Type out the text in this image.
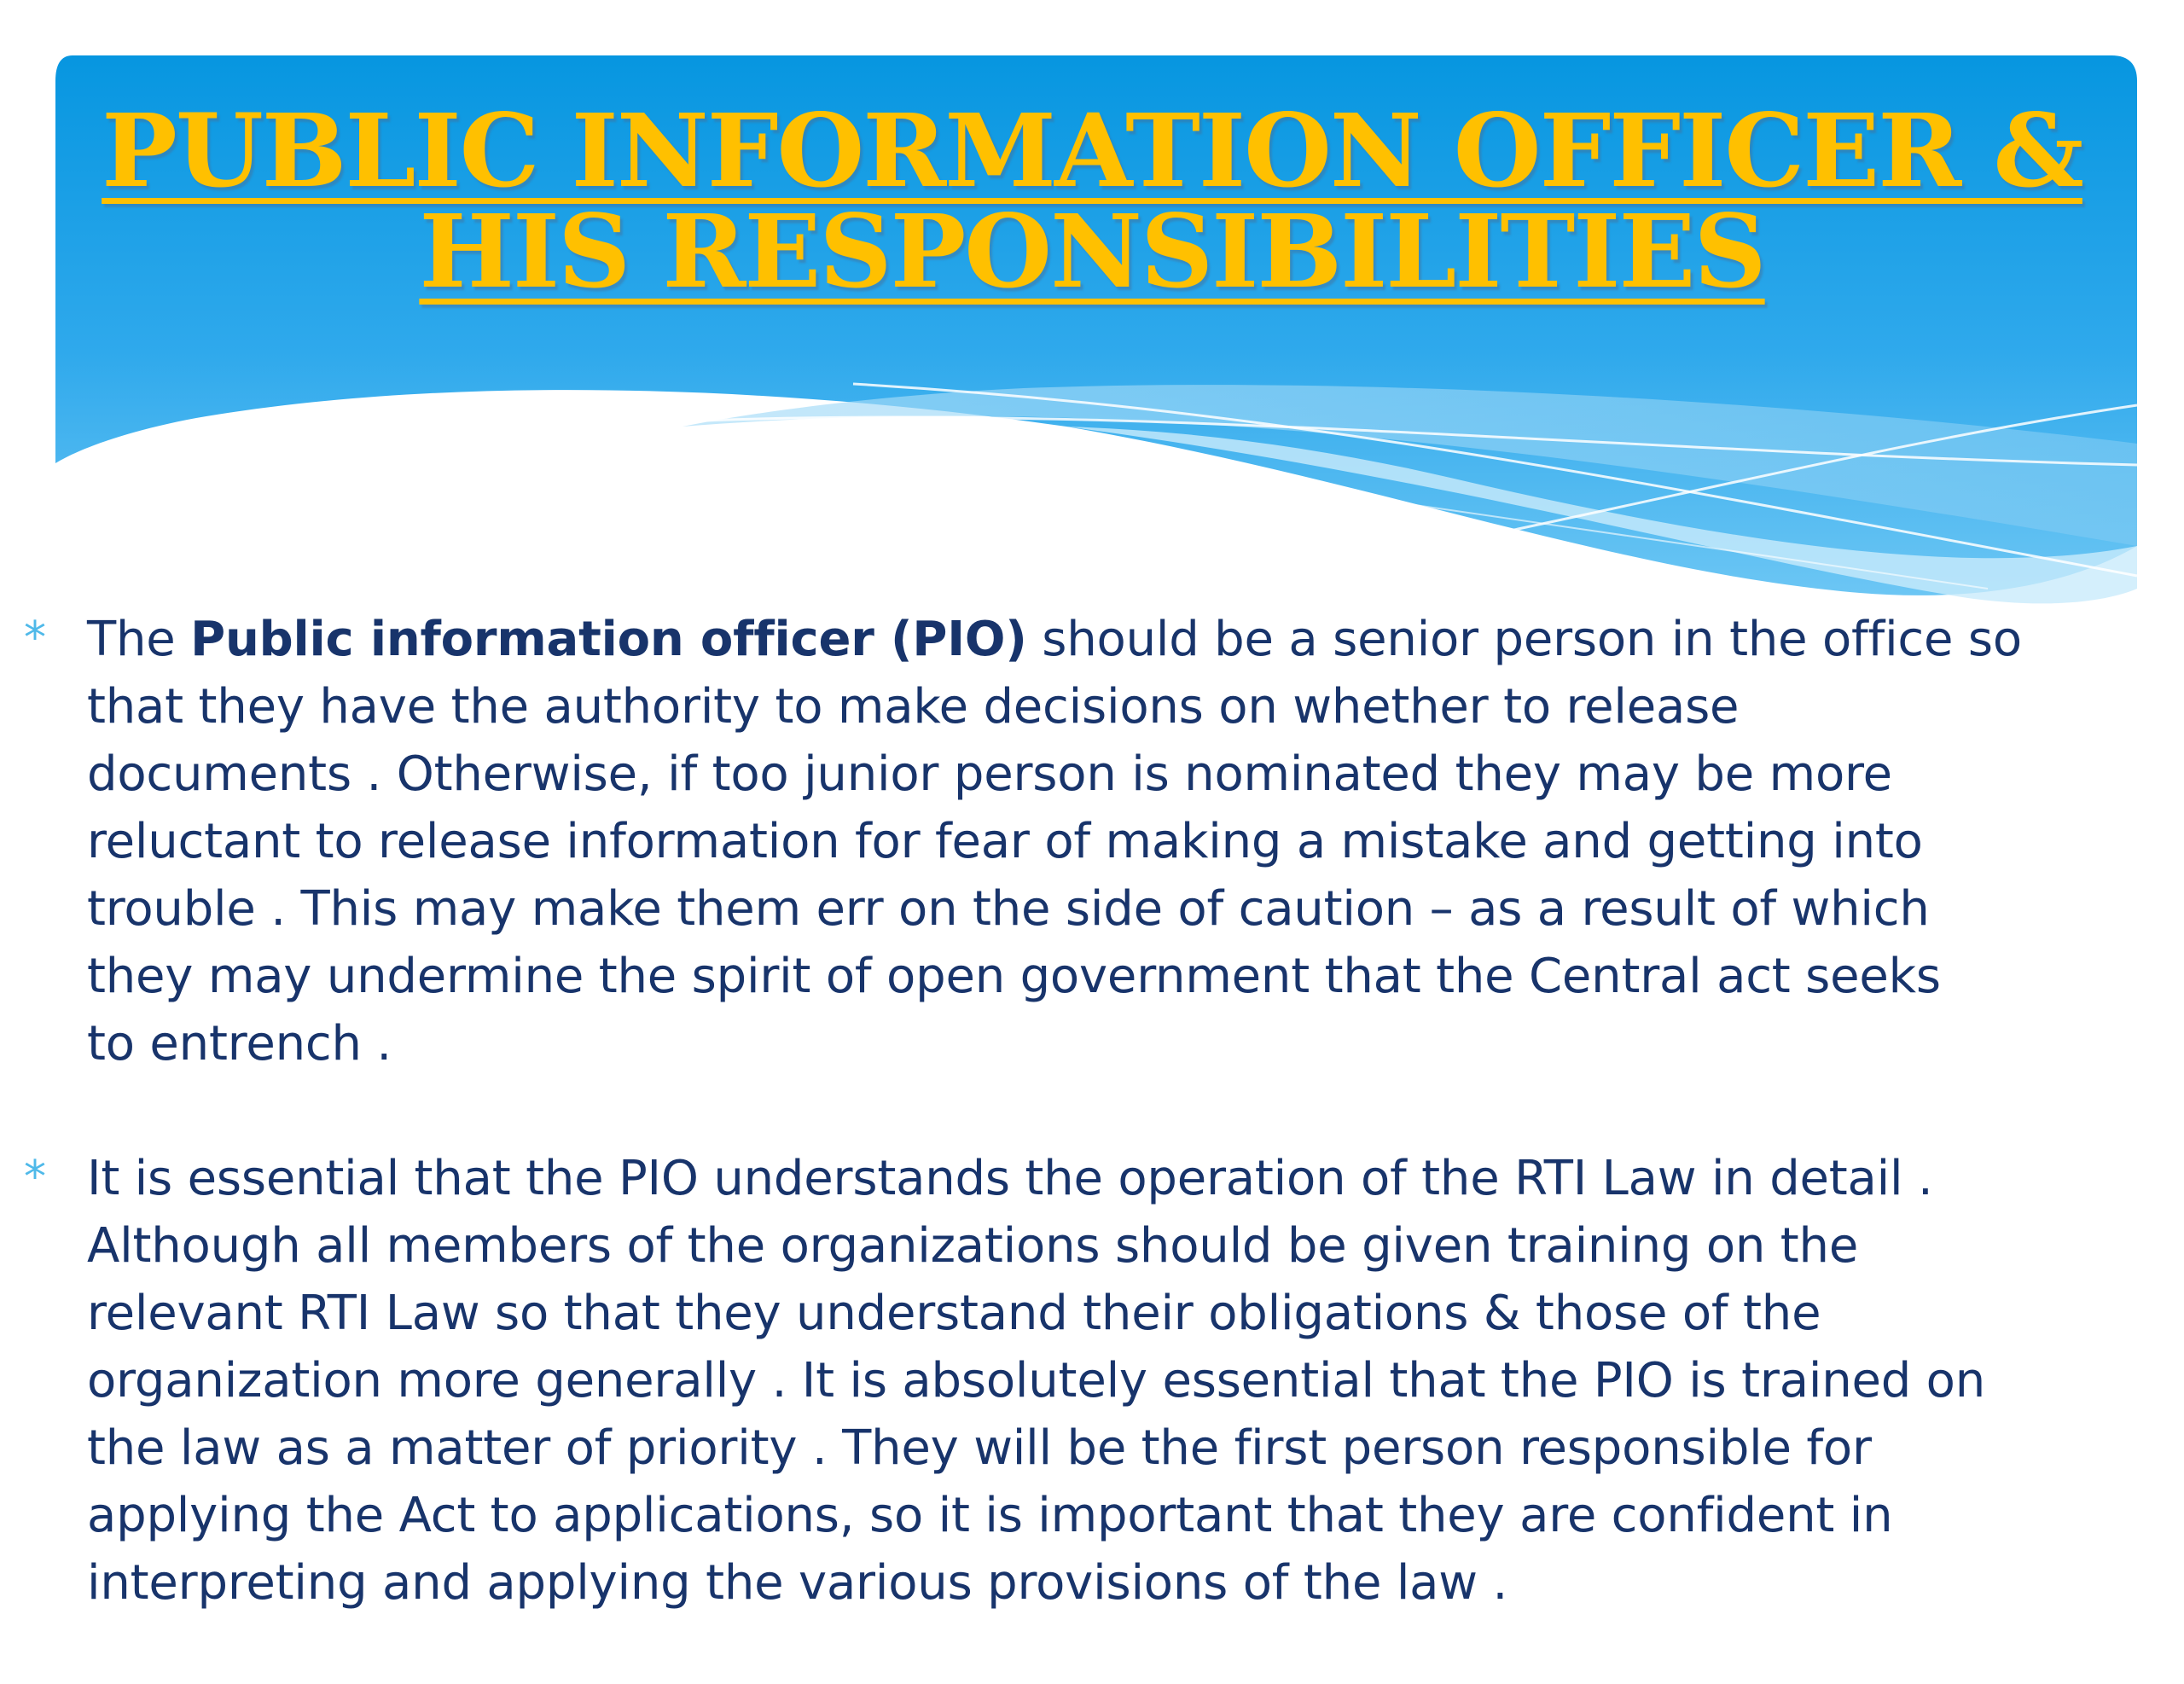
PUBLIC INFORMATION OFFICER &
HIS RESPONSIBILITIES
* The Public information officer (PIO) should be a senior person in the office so
that they have the authority to make decisions on whether to release
documents . Otherwise, if too junior person is nominated they may be more
reluctant to release information for fear of making a mistake and getting into
trouble . This may make them err on the side of caution – as a result of which
they may undermine the spirit of open government that the Central act seeks
to entrench .
* It is essential that the PIO understands the operation of the RTI Law in detail .
Although all members of the organizations should be given training on the
relevant RTI Law so that they understand their obligations & those of the
organization more generally . It is absolutely essential that the PIO is trained on
the law as a matter of priority . They will be the first person responsible for
applying the Act to applications, so it is important that they are confident in
interpreting and applying the various provisions of the law .
